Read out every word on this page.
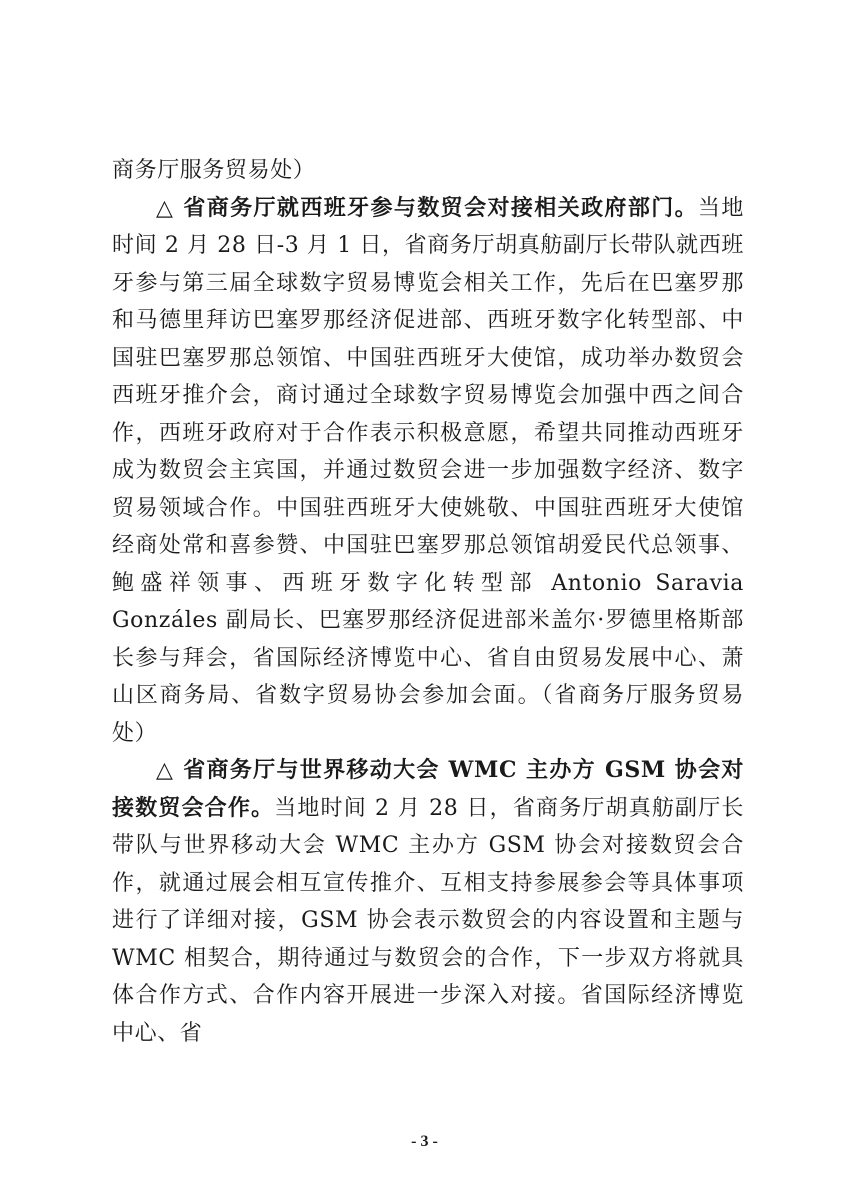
商务厅服务贸易处）

△ 省商务厅就西班牙参与数贸会对接相关政府部门。当地时间 2 月 28 日-3 月 1 日，省商务厅胡真舫副厅长带队就西班牙参与第三届全球数字贸易博览会相关工作，先后在巴塞罗那和马德里拜访巴塞罗那经济促进部、西班牙数字化转型部、中国驻巴塞罗那总领馆、中国驻西班牙大使馆，成功举办数贸会西班牙推介会，商讨通过全球数字贸易博览会加强中西之间合作，西班牙政府对于合作表示积极意愿，希望共同推动西班牙成为数贸会主宾国，并通过数贸会进一步加强数字经济、数字贸易领域合作。中国驻西班牙大使姚敬、中国驻西班牙大使馆经商处常和喜参赞、中国驻巴塞罗那总领馆胡爱民代总领事、鲍盛祥领事、西班牙数字化转型部 Antonio Saravia Gonzáles 副局长、巴塞罗那经济促进部米盖尔·罗德里格斯部长参与拜会，省国际经济博览中心、省自由贸易发展中心、萧山区商务局、省数字贸易协会参加会面。（省商务厅服务贸易处）

△ 省商务厅与世界移动大会 WMC 主办方 GSM 协会对接数贸会合作。当地时间 2 月 28 日，省商务厅胡真舫副厅长带队与世界移动大会 WMC 主办方 GSM 协会对接数贸会合作，就通过展会相互宣传推介、互相支持参展参会等具体事项进行了详细对接，GSM 协会表示数贸会的内容设置和主题与 WMC 相契合，期待通过与数贸会的合作，下一步双方将就具体合作方式、合作内容开展进一步深入对接。省国际经济博览中心、省

- 3 -
